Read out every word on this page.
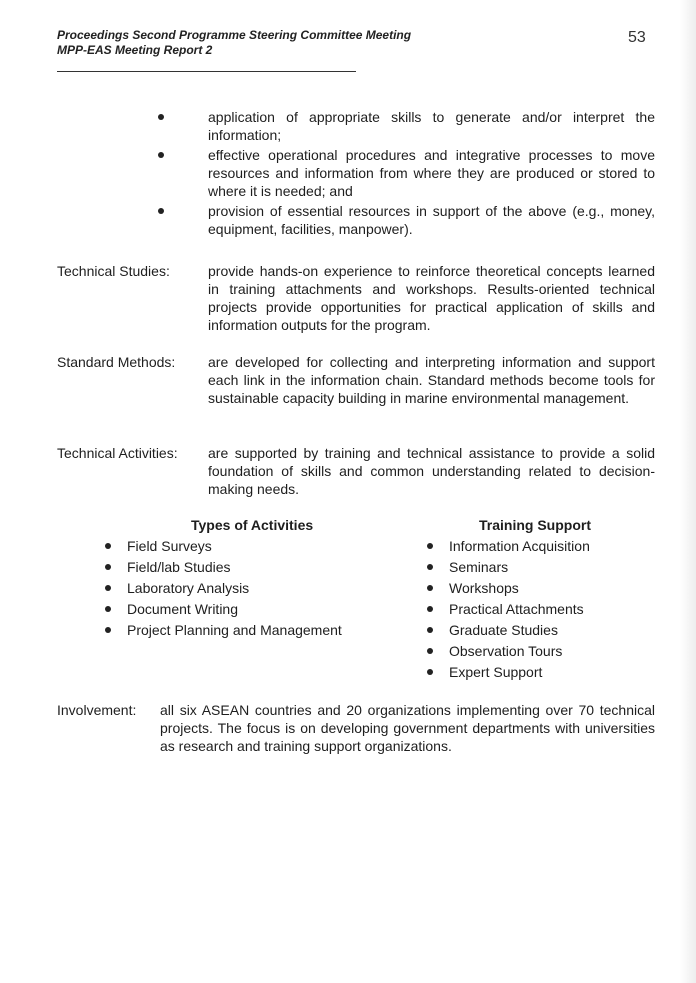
Proceedings Second Programme Steering Committee Meeting
MPP-EAS Meeting Report 2
53
application of appropriate skills to generate and/or interpret the information;
effective operational procedures and integrative processes to move resources and information from where they are produced or stored to where it is needed; and
provision of essential resources in support of the above (e.g., money, equipment, facilities, manpower).
Technical Studies:	provide hands-on experience to reinforce theoretical concepts learned in training attachments and workshops. Results-oriented technical projects provide opportunities for practical application of skills and information outputs for the program.
Standard Methods: are developed for collecting and interpreting information and support each link in the information chain. Standard methods become tools for sustainable capacity building in marine environmental management.
Technical Activities: are supported by training and technical assistance to provide a solid foundation of skills and common understanding related to decision-making needs.
Types of Activities
Field Surveys
Field/lab Studies
Laboratory Analysis
Document Writing
Project Planning and Management
Training Support
Information Acquisition
Seminars
Workshops
Practical Attachments
Graduate Studies
Observation Tours
Expert Support
Involvement: all six ASEAN countries and 20 organizations implementing over 70 technical projects. The focus is on developing government departments with universities as research and training support organizations.
